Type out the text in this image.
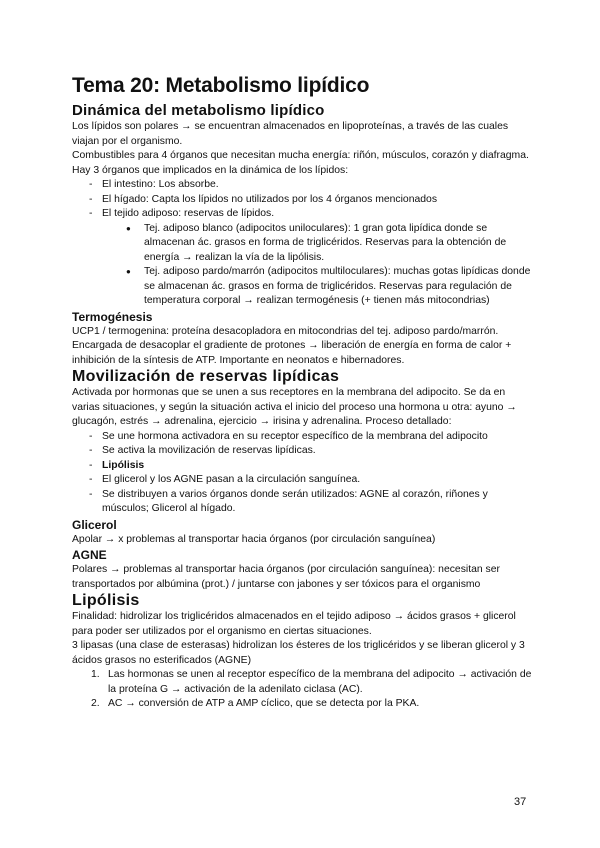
Tema 20: Metabolismo lipídico
Dinámica del metabolismo lipídico

Los lípidos son polares → se encuentran almacenados en lipoproteínas, a través de las cuales viajan por el organismo.

Combustibles para 4 órganos que necesitan mucha energía: riñón, músculos, corazón y diafragma. Hay 3 órganos que implicados en la dinámica de los lípidos:

- El intestino: Los absorbe.
- El hígado: Capta los lípidos no utilizados por los 4 órganos mencionados
- El tejido adiposo: reservas de lípidos.
● Tej. adiposo blanco (adipocitos uniloculares): 1 gran gota lipídica donde se almacenan ác. grasos en forma de triglicéridos. Reservas para la obtención de energía → realizan la vía de la lipólisis.
● Tej. adiposo pardo/marrón (adipocitos multiloculares): muchas gotas lipídicas donde se almacenan ác. grasos en forma de triglicéridos. Reservas para regulación de temperatura corporal → realizan termogénesis (+ tienen más mitocondrias)
Termogénesis

UCP1 / termogenina: proteína desacopladora en mitocondrias del tej. adiposo pardo/marrón. Encargada de desacoplar el gradiente de protones → liberación de energía en forma de calor + inhibición de la síntesis de ATP. Importante en neonatos e hibernadores.

Movilización de reservas lipídicas

Activada por hormonas que se unen a sus receptores en la membrana del adipocito. Se da en varias situaciones, y según la situación activa el inicio del proceso una hormona u otra: ayuno → glucagón, estrés → adrenalina, ejercicio → irisina y adrenalina. Proceso detallado:

- Se une hormona activadora en su receptor específico de la membrana del adipocito
- Se activa la movilización de reservas lipídicas.
- Lipólisis
- El glicerol y los AGNE pasan a la circulación sanguínea.
- Se distribuyen a varios órganos donde serán utilizados: AGNE al corazón, riñones y músculos; Glicerol al hígado.
Glicerol

Apolar → x problemas al transportar hacia órganos (por circulación sanguínea)

AGNE

Polares → problemas al transportar hacia órganos (por circulación sanguínea): necesitan ser transportados por albúmina (prot.) / juntarse con jabones y ser tóxicos para el organismo

Lipólisis

Finalidad: hidrolizar los triglicéridos almacenados en el tejido adiposo → ácidos grasos + glicerol para poder ser utilizados por el organismo en ciertas situaciones.

3 lipasas (una clase de esterasas) hidrolizan los ésteres de los triglicéridos y se liberan glicerol y 3 ácidos grasos no esterificados (AGNE)

1. Las hormonas se unen al receptor específico de la membrana del adipocito → activación de la proteína G → activación de la adenilato ciclasa (AC).
2. AC → conversión de ATP a AMP cíclico, que se detecta por la PKA.
37
